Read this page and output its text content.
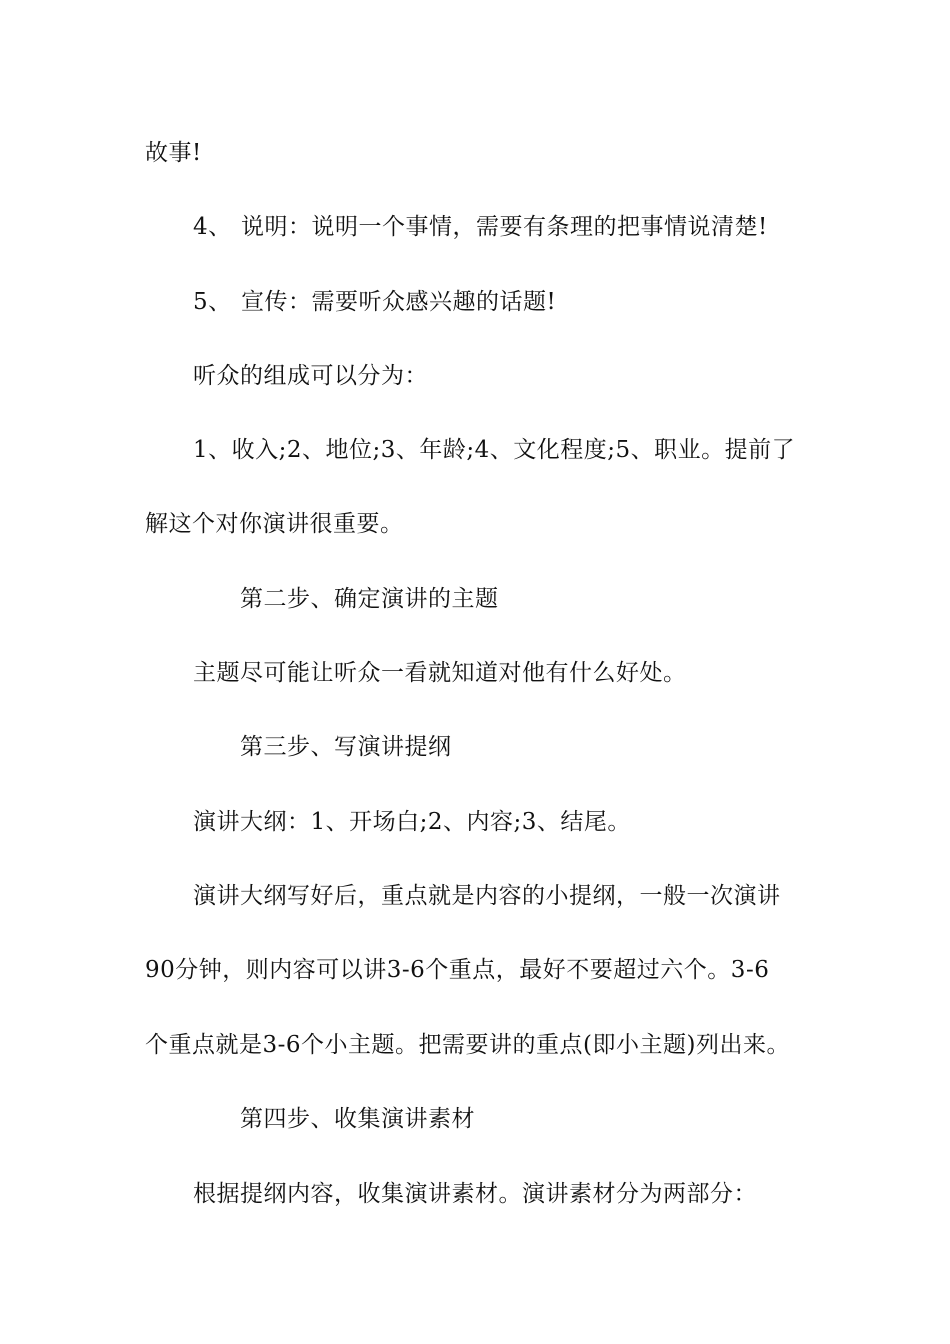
故事!
4、 说明：说明一个事情，需要有条理的把事情说清楚!
5、 宣传：需要听众感兴趣的话题!
听众的组成可以分为：
1、收入;2、地位;3、年龄;4、文化程度;5、职业。提前了
解这个对你演讲很重要。
第二步、确定演讲的主题
主题尽可能让听众一看就知道对他有什么好处。
第三步、写演讲提纲
演讲大纲：1、开场白;2、内容;3、结尾。
演讲大纲写好后，重点就是内容的小提纲，一般一次演讲
90分钟，则内容可以讲3-6个重点，最好不要超过六个。3-6
个重点就是3-6个小主题。把需要讲的重点(即小主题)列出来。
第四步、收集演讲素材
根据提纲内容，收集演讲素材。演讲素材分为两部分：
